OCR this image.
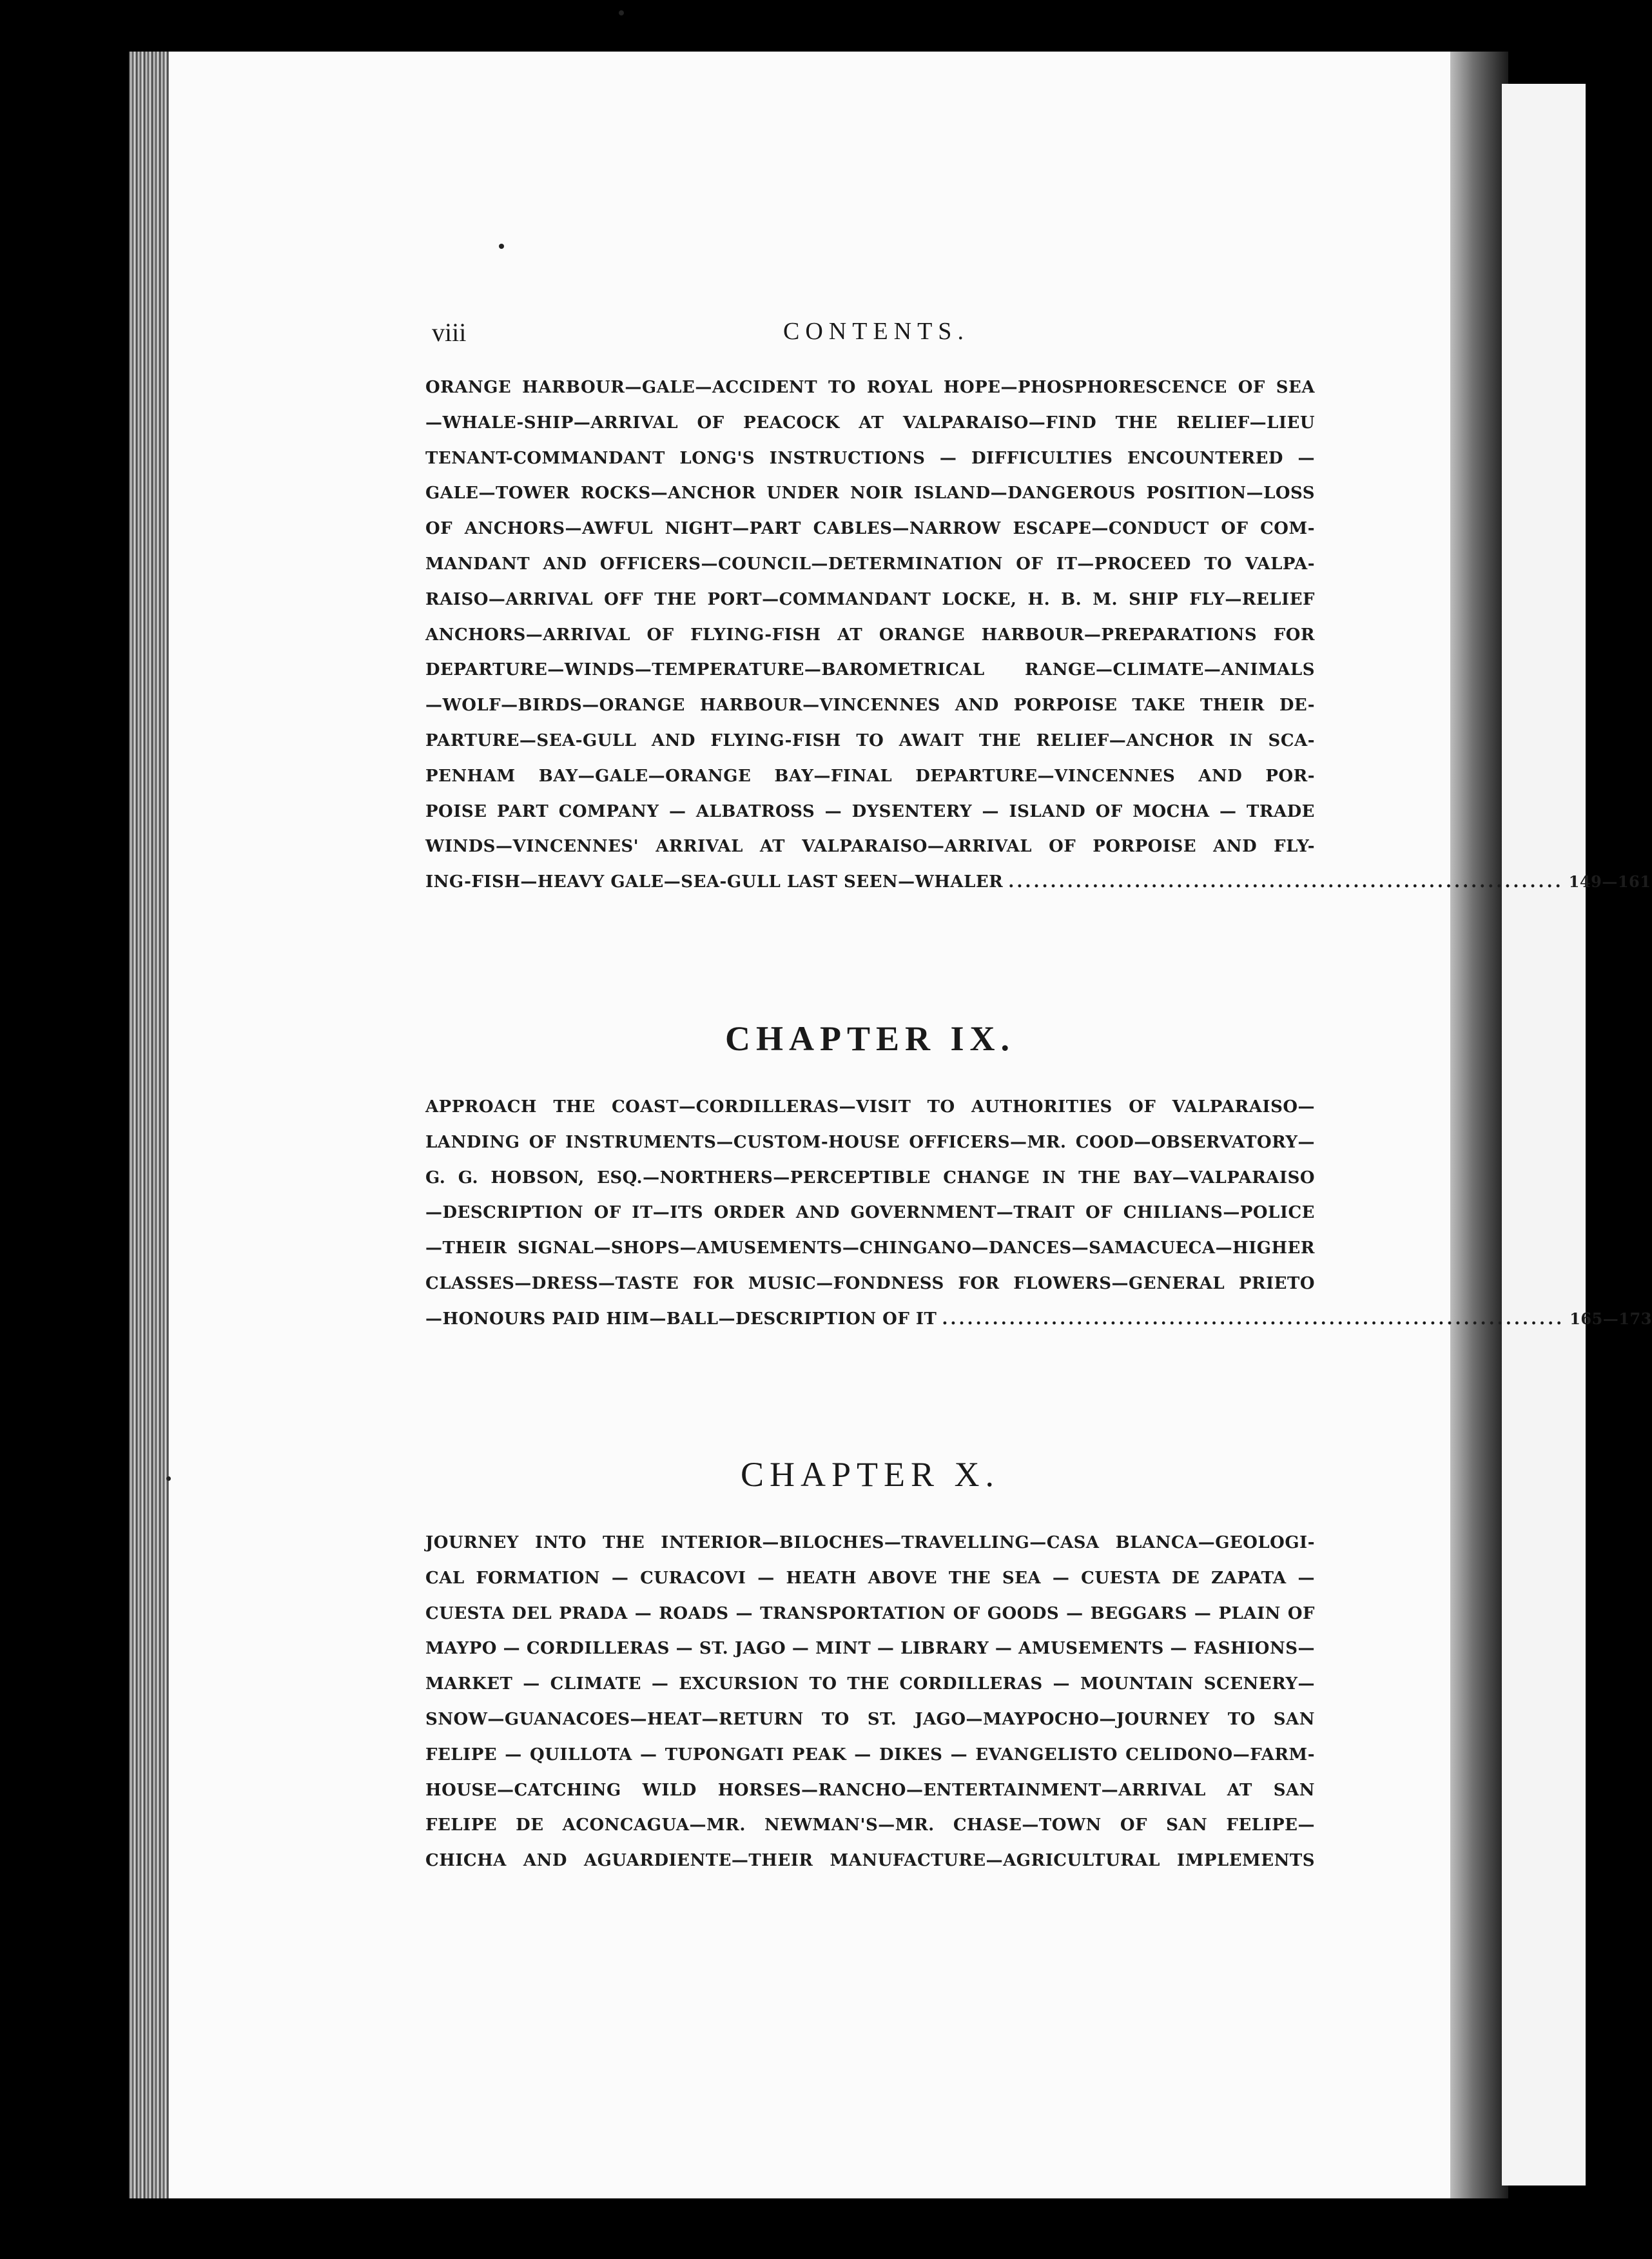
viii	CONTENTS.
ORANGE HARBOUR—GALE—ACCIDENT TO ROYAL HOPE—PHOSPHORESCENCE OF SEA
—WHALE-SHIP—ARRIVAL OF PEACOCK AT VALPARAISO—FIND THE RELIEF—LIEU
TENANT-COMMANDANT LONG'S INSTRUCTIONS — DIFFICULTIES ENCOUNTERED —
GALE—TOWER ROCKS—ANCHOR UNDER NOIR ISLAND—DANGEROUS POSITION—LOSS
OF ANCHORS—AWFUL NIGHT—PART CABLES—NARROW ESCAPE—CONDUCT OF COM-
MANDANT AND OFFICERS—COUNCIL—DETERMINATION OF IT—PROCEED TO VALPA-
RAISO—ARRIVAL OFF THE PORT—COMMANDANT LOCKE, H. B. M. SHIP FLY—RELIEF
ANCHORS—ARRIVAL OF FLYING-FISH AT ORANGE HARBOUR—PREPARATIONS FOR
DEPARTURE—WINDS—TEMPERATURE—BAROMETRICAL RANGE—CLIMATE—ANIMALS
—WOLF—BIRDS—ORANGE HARBOUR—VINCENNES AND PORPOISE TAKE THEIR DE-
PARTURE—SEA-GULL AND FLYING-FISH TO AWAIT THE RELIEF—ANCHOR IN SCA-
PENHAM BAY—GALE—ORANGE BAY—FINAL DEPARTURE—VINCENNES AND POR-
POISE PART COMPANY — ALBATROSS — DYSENTERY — ISLAND OF MOCHA — TRADE
WINDS—VINCENNES' ARRIVAL AT VALPARAISO—ARRIVAL OF PORPOISE AND FLY-
ING-FISH—HEAVY GALE—SEA-GULL LAST SEEN—WHALER .................................................................. 149—161
CHAPTER IX.
APPROACH THE COAST—CORDILLERAS—VISIT TO AUTHORITIES OF VALPARAISO—
LANDING OF INSTRUMENTS—CUSTOM-HOUSE OFFICERS—MR. COOD—OBSERVATORY—
G. G. HOBSON, ESQ.—NORTHERS—PERCEPTIBLE CHANGE IN THE BAY—VALPARAISO
—DESCRIPTION OF IT—ITS ORDER AND GOVERNMENT—TRAIT OF CHILIANS—POLICE
—THEIR SIGNAL—SHOPS—AMUSEMENTS—CHINGANO—DANCES—SAMACUECA—HIGHER
CLASSES—DRESS—TASTE FOR MUSIC—FONDNESS FOR FLOWERS—GENERAL PRIETO
—HONOURS PAID HIM—BALL—DESCRIPTION OF IT .......................................................................... 165—173
CHAPTER X.
JOURNEY INTO THE INTERIOR—BILOCHES—TRAVELLING—CASA BLANCA—GEOLOGI-
CAL FORMATION — CURACOVI — HEATH ABOVE THE SEA — CUESTA DE ZAPATA —
CUESTA DEL PRADA — ROADS — TRANSPORTATION OF GOODS — BEGGARS — PLAIN OF
MAYPO — CORDILLERAS — ST. JAGO — MINT — LIBRARY — AMUSEMENTS — FASHIONS—
MARKET — CLIMATE — EXCURSION TO THE CORDILLERAS — MOUNTAIN SCENERY—
SNOW—GUANACOES—HEAT—RETURN TO ST. JAGO—MAYPOCHO—JOURNEY TO SAN
FELIPE — QUILLOTA — TUPONGATI PEAK — DIKES — EVANGELISTO CELIDONO—FARM-
HOUSE—CATCHING WILD HORSES—RANCHO—ENTERTAINMENT—ARRIVAL AT SAN
FELIPE DE ACONCAGUA—MR. NEWMAN'S—MR. CHASE—TOWN OF SAN FELIPE—
CHICHA AND AGUARDIENTE—THEIR MANUFACTURE—AGRICULTURAL IMPLEMENTS
